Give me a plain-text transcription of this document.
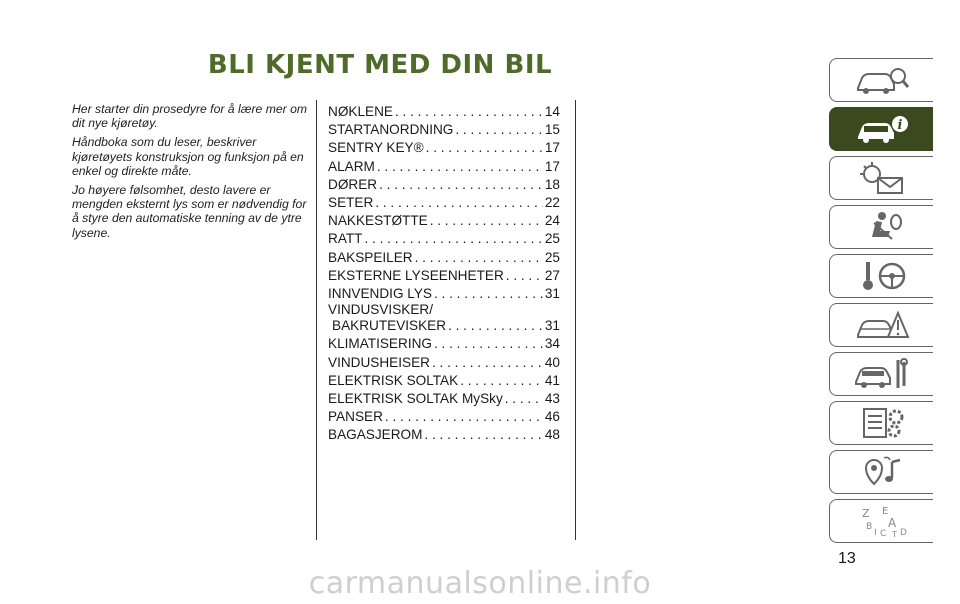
BLI KJENT MED DIN BIL

Her starter din prosedyre for å lære mer om dit nye kjøretøy.

Håndboka som du leser, beskriver kjøretøyets konstruksjon og funksjon på en enkel og direkte måte.

Jo høyere følsomhet, desto lavere er mengden eksternt lys som er nødvendig for å styre den automatiske tenning av de ytre lysene.

NØKLENE . . .	14
STARTANORDNING . . .	15
SENTRY KEY® . . .	17
ALARM . . .	17
DØRER . . .	18
SETER . . .	22
NAKKESTØTTE . . .	24
RATT . . .	25
BAKSPEILER . . .	25
EKSTERNE LYSEENHETER . . .	27
INNVENDIG LYS . . .	31
VINDUSVISKER/
BAKRUTEVISKER . . .	31
KLIMATISERING . . .	34
VINDUSHEISER . . .	40
ELEKTRISK SOLTAK . . .	41
ELEKTRISK SOLTAK MySky . . .	43
PANSER . . .	46
BAGASJEROM . . .	48
i
Z E
B A
I C T D
13
carmanualsonline.info
